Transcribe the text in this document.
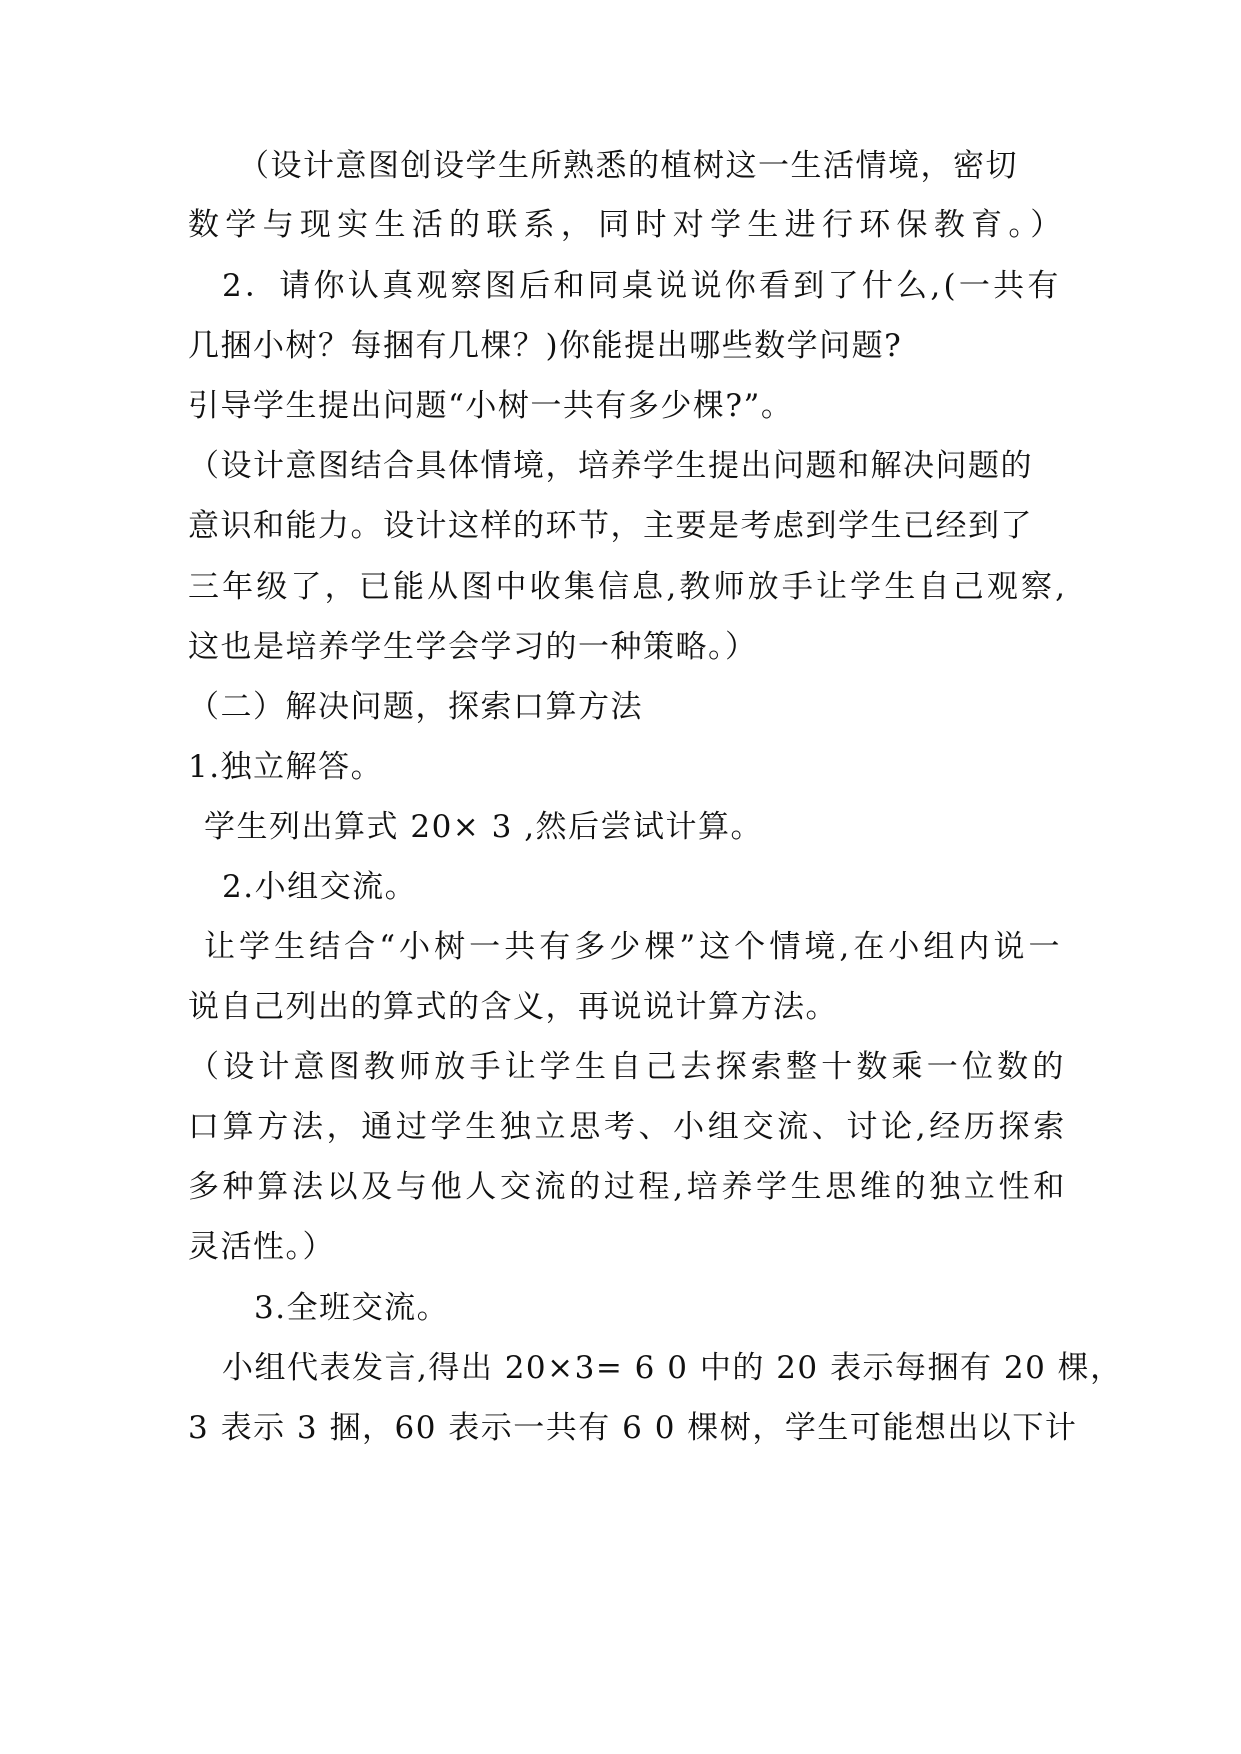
（设计意图创设学生所熟悉的植树这一生活情境，密切
数学与现实生活的联系，同时对学生进行环保教育。）
2．请你认真观察图后和同桌说说你看到了什么,(一共有
几捆小树？每捆有几棵？)你能提出哪些数学问题?
引导学生提出问题“小树一共有多少棵?”。
（设计意图结合具体情境，培养学生提出问题和解决问题的
意识和能力。设计这样的环节，主要是考虑到学生已经到了
三年级了，已能从图中收集信息,教师放手让学生自己观察,
这也是培养学生学会学习的一种策略。）
（二）解决问题，探索口算方法
1.独立解答。
学生列出算式 20× 3 ,然后尝试计算。
2.小组交流。
让学生结合“小树一共有多少棵”这个情境,在小组内说一
说自己列出的算式的含义，再说说计算方法。
（设计意图教师放手让学生自己去探索整十数乘一位数的
口算方法，通过学生独立思考、小组交流、讨论,经历探索
多种算法以及与他人交流的过程,培养学生思维的独立性和
灵活性。）
3.全班交流。
小组代表发言,得出 20×3= 6 0 中的 20 表示每捆有 20 棵，
3 表示 3 捆，60 表示一共有 6 0 棵树，学生可能想出以下计
